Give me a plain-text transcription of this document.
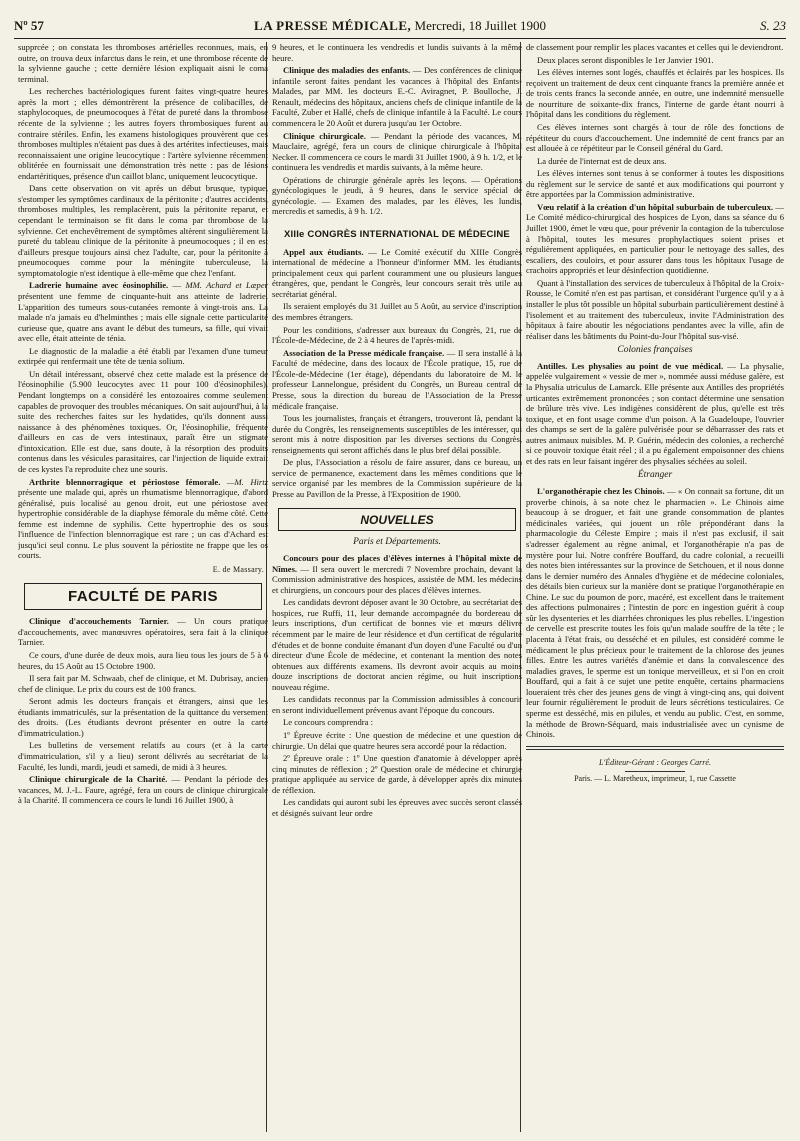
Nº 57	LA PRESSE MÉDICALE, Mercredi, 18 Juillet 1900	S. 23

supprcée ; on constata les thromboses artérielles reconnues, mais, en outre, on trouva deux infarctus dans le rein, et une thrombose récente de la sylvienne gauche ; cette dernière lésion expliquait aisni le coma terminal.

Les recherches bactériologiques furent faites vingt-quatre heures après la mort ; elles démontrèrent la présence de colibacilles, de staphylocoques, de pneumocoques à l'état de pureté dans la thrombose récente de la sylvienne ; les autres foyers thrombosiques furent au contraire stériles. Enfin, les examens histologiques prouvèrent que ces thromboses multiples n'étaient pas dues à des artérites infectieuses, mais reconnaissaient une origine leucocytique : l'artère sylvienne récemment oblitérée en fournissait une démonstration très nette : pas de lésions endartéritiques, présence d'un caillot blanc, uniquement leucocytique.

Dans cette observation on vit après un début brusque, typique, s'estomper les symptômes cardinaux de la péritonite ; d'autres accidents, thromboses multiples, les remplacèrent, puis la péritonite reparut, et cependant le terminaison se fit dans le coma par thrombose de la sylvienne. Cet enchevêtrement de symptômes altèrent singulièrement la pureté du tableau clinique de la péritonite à pneumocoques ; il en est d'ailleurs presque toujours ainsi chez l'adulte, car, pour la péritonite à pneumocoques comme pour la méningite tuberculeuse, la symptomatologie n'est identique à elle-même que chez l'enfant.

Ladrerie humaine avec éosinophilie. — MM. Achard et Læper présentent une femme de cinquante-huit ans atteinte de ladrerie. L'apparition des tumeurs sous-cutanées remonte à vingt-trois ans. La malade n'a jamais eu d'helminthes ; mais elle signale cette particularité curieuse que, quatre ans avant le début des tumeurs, sa fille, qui vivait avec elle, était atteinte de ténia.

Le diagnostic de la maladie a été établi par l'examen d'une tumeur extirpée qui renfermait une tête de tænia solium.

Un détail intéressant, observé chez cette malade est la présence de l'éosinophilie (5.900 leucocytes avec 11 pour 100 d'éosinophiles). Pendant longtemps on a considéré les entozoaires comme seulement capables de provoquer des troubles mécaniques. On sait aujourd'hui, à la suite des recherches faites sur les hydatides, qu'ils donnent aussi naissance à des phénomènes toxiques. Or, l'éosinophilie, fréquente d'ailleurs en cas de vers intestinaux, paraît être un stigmate d'intoxication. Elle est due, sans doute, à la résorption des produits contenus dans les vésicules parasitaires, car l'injection de liquide extrait de ces kystes l'a reproduite chez une souris.

Arthrite blennorragique et périostose fémorale. —M. Hirtz présente une malade qui, après un rhumatisme blennorragique, d'abord généralisé, puis localisé au genou droit, eut une périostose avec hypertrophie considérable de la diaphyse fémorale du même côté. Cette femme est indemne de syphilis. Cette hypertrophie des os sous l'influence de l'infection blennorragique est rare ; un cas d'Achard est jusqu'ici seul connu. Le plus souvent la périostite ne frappe que les os courts.

E. de Massary.
FACULTÉ DE PARIS

Clinique d'accouchements Tarnier. — Un cours pratique d'accouchements, avec manœuvres opératoires, sera fait à la clinique Tarnier.

Ce cours, d'une durée de deux mois, aura lieu tous les jours de 5 à 6 heures, du 15 Août au 15 Octobre 1900.

Il sera fait par M. Schwaab, chef de clinique, et M. Dubrisay, ancien chef de clinique. Le prix du cours est de 100 francs.

Seront admis les docteurs français et étrangers, ainsi que les étudiants immatriculés, sur la présentation de la quittance du versement des droits. (Les étudiants devront présenter en outre la carte d'immatriculation.)

Les bulletins de versement relatifs au cours (et à la carte d'immatriculation, s'il y a lieu) seront délivrés au secrétariat de la Faculté, les lundi, mardi, jeudi et samedi, de midi à 3 heures.

Clinique chirurgicale de la Charité. — Pendant la période des vacances, M. J.-L. Faure, agrégé, fera un cours de clinique chirurgicale à la Charité. Il commencera ce cours le lundi 16 Juillet 1900, à

9 heures, et le continuera les vendredis et lundis suivants à la même heure.

Clinique des maladies des enfants. — Des conférences de clinique infantile seront faites pendant les vacances à l'hôpital des Enfants-Malades, par MM. les docteurs E.-C. Aviragnet, P. Boulloche, J. Renault, médecins des hôpitaux, anciens chefs de clinique infantile de la Faculté, Zuber et Hallé, chefs de clinique infantile à la Faculté. Le cours commencera le 20 Août et durera jusqu'au 1er Octobre.

Clinique chirurgicale. — Pendant la période des vacances, M. Mauclaire, agrégé, fera un cours de clinique chirurgicale à l'hôpital Necker. Il commencera ce cours le mardi 31 Juillet 1900, à 9 h. 1/2, et le continuera les vendredis et mardis suivants, à la même heure.

Opérations de chirurgie générale après les leçons. — Opérations gynécologiques le jeudi, à 9 heures, dans le service spécial de gynécologie. — Examen des malades, par les élèves, les lundis, mercredis et samedis, à 9 h. 1/2.

XIIIe CONGRÈS INTERNATIONAL DE MÉDECINE

Appel aux étudiants. — Le Comité exécutif du XIIIe Congrès international de médecine a l'honneur d'informer MM. les étudiants, principalement ceux qui parlent couramment une ou plusieurs langues étrangères, que, pendant le Congrès, leur concours serait très utile au secrétariat général.

Ils seraient employés du 31 Juillet au 5 Août, au service d'inscription des membres étrangers.

Pour les conditions, s'adresser aux bureaux du Congrès, 21, rue de l'École-de-Médecine, de 2 à 4 heures de l'après-midi.

Association de la Presse médicale française. — Il sera installé à la Faculté de médecine, dans des locaux de l'École pratique, 15, rue de l'École-de-Médecine (1er étage), dépendants du laboratoire de M. le professeur Lannelongue, président du Congrès, un Bureau central de Presse, sous la direction du bureau de l'Association de la Presse médicale française.

Tous les journalistes, français et étrangers, trouveront là, pendant la durée du Congrès, les renseignements susceptibles de les intéresser, qui seront mis à notre disposition par les diverses sections du Congrès, renseignements qui seront affichés dans le plus bref délai possible.

De plus, l'Association a résolu de faire assurer, dans ce bureau, un service de permanence, exactement dans les mêmes conditions que le service organisé par les membres de la Commission supérieure de la Presse au Pavillon de la Presse, à l'Exposition de 1900.

NOUVELLES
Paris et Départements.

Concours pour des places d'élèves internes à l'hôpital mixte de Nîmes. — Il sera ouvert le mercredi 7 Novembre prochain, devant la Commission administrative des hospices, assistée de MM. les médecins et chirurgiens, un concours pour des places d'élèves internes.

Les candidats devront déposer avant le 30 Octobre, au secrétariat des hospices, rue Ruffi, 11, leur demande accompagnée du bordereau de leurs inscriptions, d'un certificat de bonnes vie et mœurs délivré récemment par le maire de leur résidence et d'un certificat de régularité d'études et de bonne conduite émanant d'un doyen d'une Faculté ou d'un directeur d'une École de médecine, et contenant la mention des notes obtenues aux différents examens. Ils devront avoir acquis au moins douze inscriptions de doctorat ancien régime, ou huit inscriptions nouveau régime.

Les candidats reconnus par la Commission admissibles à concourir en seront individuellement prévenus avant l'époque du concours.

Le concours comprendra :

1º Épreuve écrite : Une question de médecine et une question de chirurgie. Un délai que quatre heures sera accordé pour la rédaction.

2º Épreuve orale : 1º Une question d'anatomie à développer après cinq minutes de réflexion ; 2º Question orale de médecine et chirurgie pratique appliquée au service de garde, à développer après dix minutes de réflexion.

Les candidats qui auront subi les épreuves avec succès seront classés et désignés suivant leur ordre

de classement pour remplir les places vacantes et celles qui le deviendront.

Deux places seront disponibles le 1er Janvier 1901.

Les élèves internes sont logés, chauffés et éclairés par les hospices. Ils reçoivent un traitement de deux cent cinquante francs la première année et de trois cents francs la seconde année, en outre, une indemnité mensuelle de nourriture de soixante-dix francs, l'interne de garde étant nourri à l'hôpital dans les conditions du règlement.

Ces élèves internes sont chargés à tour de rôle des fonctions de répétiteur du cours d'accouchement. Une indemnité de cent francs par an est allouée à ce répétiteur par le Conseil général du Gard.

La durée de l'internat est de deux ans.

Les élèves internes sont tenus à se conformer à toutes les dispositions du règlement sur le service de santé et aux modifications qui pourront y être apportées par la Commission administrative.

Vœu relatif à la création d'un hôpital suburbain de tuberculeux. — Le Comité médico-chirurgical des hospices de Lyon, dans sa séance du 6 Juillet 1900, émet le vœu que, pour prévenir la contagion de la tuberculose à l'hôpital, toutes les mesures prophylactiques soient prises et régulièrement appliquées, en particulier pour le nettoyage des salles, des escaliers, des couloirs, et pour assurer dans tous les hôpitaux l'usage de crachoirs appropriés et leur désinfection quotidienne.

Quant à l'installation des services de tuberculeux à l'hôpital de la Croix-Rousse, le Comité n'en est pas partisan, et considérant l'urgence qu'il y a à installer le plus tôt possible un hôpital suburbain particulièrement destiné à l'isolement et au traitement des tuberculeux, invite l'Administration des hôpitaux à faire aboutir les négociations pendantes avec la ville, afin de réaliser dans les bâtiments du Point-du-Jour l'hôpital sus-visé.

Colonies françaises

Antilles. Les physalies au point de vue médical. — La physalie, appelée vulgairement « vessie de mer », nommée aussi méduse galère, est la Physalia utriculus de Lamarck. Elle présente aux Antilles des propriétés urticantes extrêmement prononcées ; son contact détermine une sensation de brûlure très vive. Les indigènes considèrent de plus, qu'elle est très toxique, et en font usage comme d'un poison. A la Guadeloupe, l'ouvrier des champs se sert de la galère pulvérisée pour se débarrasser des rats et autres animaux nuisibles. M. P. Guérin, médecin des colonies, a recherché si ce pouvoir toxique était réel ; il a pu également empoisonner des chiens et des rats en leur faisant ingérer des physalies séchées au soleil.

Étranger

L'organothérapie chez les Chinois. — « On connait sa fortune, dit un proverbe chinois, à sa note chez le pharmacien ». Le Chinois aime beaucoup à se droguer, et fait une grande consommation de plantes médicinales variées, qui jouent un rôle prépondérant dans la pharmacologie du Céleste Empire ; mais il n'est pas exclusif, il sait s'adresser également au règne animal, et l'organothérapie n'a pas de mystère pour lui. Notre confrère Bouffard, du cadre colonial, a recueilli des notes bien intéressantes sur la province de Setchouen, et il nous donne dans le dernier numéro des Annales d'hygiène et de médecine coloniales, des détails bien curieux sur la manière dont se pratique l'organothérapie en Chine. Le suc du poumon de porc, macéré, est excellent dans le traitement des affections pulmonaires ; l'intestin de porc en ingestion guérit à coup sûr les dysenteries et les diarrhées chroniques les plus rebelles. L'ingestion de cervelle est prescrite toutes les fois qu'un malade souffre de la tête ; le placenta à l'état frais, ou desséché et en pilules, est considéré comme le médicament le plus précieux pour le traitement de la chlorose des jeunes filles. Entre les autres variétés d'anémie et dans la convalescence des maladies graves, le sperme est un tonique merveilleux, et si l'on en croit Bouffard, qui a fait à ce sujet une petite enquête, certains pharmaciens loueraient très cher des jeunes gens de vingt à vingt-cinq ans, qui doivent leur fournir régulièrement le produit de leurs sécrétions testiculaires. Ce sperme est desséché, mis en pilules, et vendu au public. C'est, en somme, la méthode de Brown-Séquard, mais industrialisée avec un cynisme de Chinois.

L'Éditeur-Gérant : Georges Carré.
Paris. — L. Maretheux, imprimeur, 1, rue Cassette
